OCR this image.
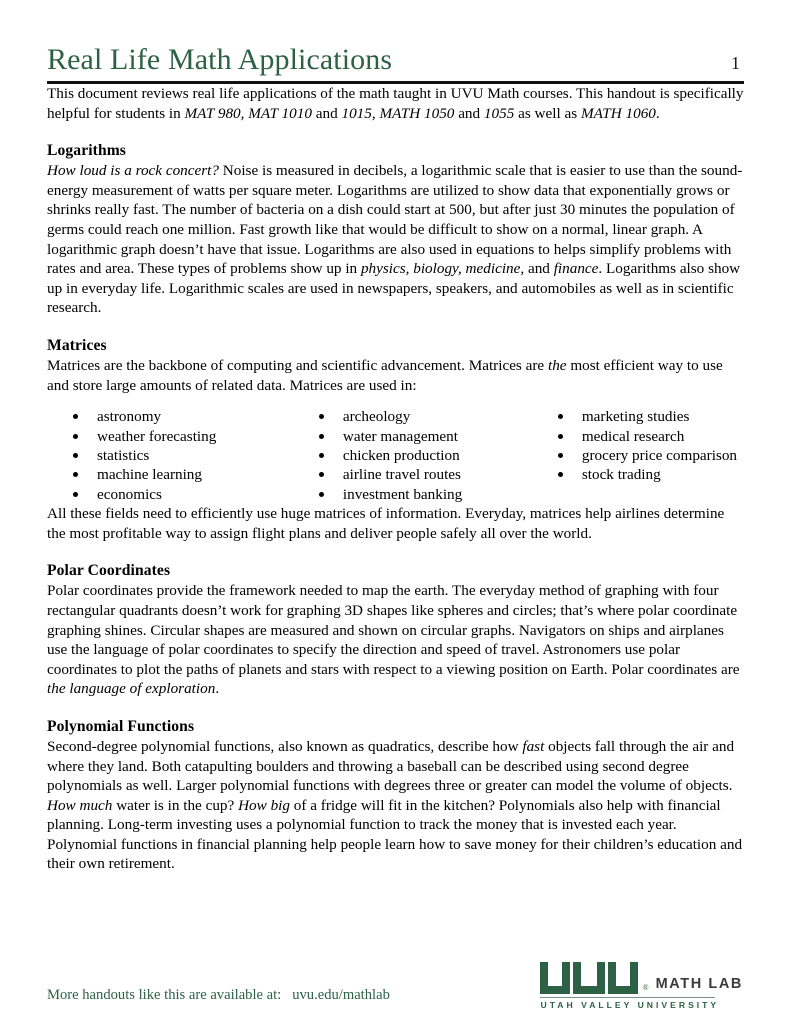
Real Life Math Applications	1

This document reviews real life applications of the math taught in UVU Math courses. This handout is specifically helpful for students in MAT 980, MAT 1010 and 1015, MATH 1050 and 1055 as well as MATH 1060.

Logarithms

How loud is a rock concert? Noise is measured in decibels, a logarithmic scale that is easier to use than the sound-energy measurement of watts per square meter. Logarithms are utilized to show data that exponentially grows or shrinks really fast. The number of bacteria on a dish could start at 500, but after just 30 minutes the population of germs could reach one million. Fast growth like that would be difficult to show on a normal, linear graph. A logarithmic graph doesn’t have that issue. Logarithms are also used in equations to helps simplify problems with rates and area. These types of problems show up in physics, biology, medicine, and finance. Logarithms also show up in everyday life. Logarithmic scales are used in newspapers, speakers, and automobiles as well as in scientific research.

Matrices

Matrices are the backbone of computing and scientific advancement. Matrices are the most efficient way to use and store large amounts of related data. Matrices are used in:

astronomy
weather forecasting
statistics
machine learning
economics
archeology
water management
chicken production
airline travel routes
investment banking
marketing studies
medical research
grocery price comparison
stock trading

All these fields need to efficiently use huge matrices of information. Everyday, matrices help airlines determine the most profitable way to assign flight plans and deliver people safely all over the world.

Polar Coordinates

Polar coordinates provide the framework needed to map the earth. The everyday method of graphing with four rectangular quadrants doesn’t work for graphing 3D shapes like spheres and circles; that’s where polar coordinate graphing shines. Circular shapes are measured and shown on circular graphs. Navigators on ships and airplanes use the language of polar coordinates to specify the direction and speed of travel. Astronomers use polar coordinates to plot the paths of planets and stars with respect to a viewing position on Earth. Polar coordinates are the language of exploration.

Polynomial Functions

Second-degree polynomial functions, also known as quadratics, describe how fast objects fall through the air and where they land. Both catapulting boulders and throwing a baseball can be described using second degree polynomials as well. Larger polynomial functions with degrees three or greater can model the volume of objects. How much water is in the cup? How big of a fridge will fit in the kitchen? Polynomials also help with financial planning. Long-term investing uses a polynomial function to track the money that is invested each year. Polynomial functions in financial planning help people learn how to save money for their children’s education and their own retirement.

More handouts like this are available at: uvu.edu/mathlab	® MATH LAB
UTAH VALLEY UNIVERSITY
